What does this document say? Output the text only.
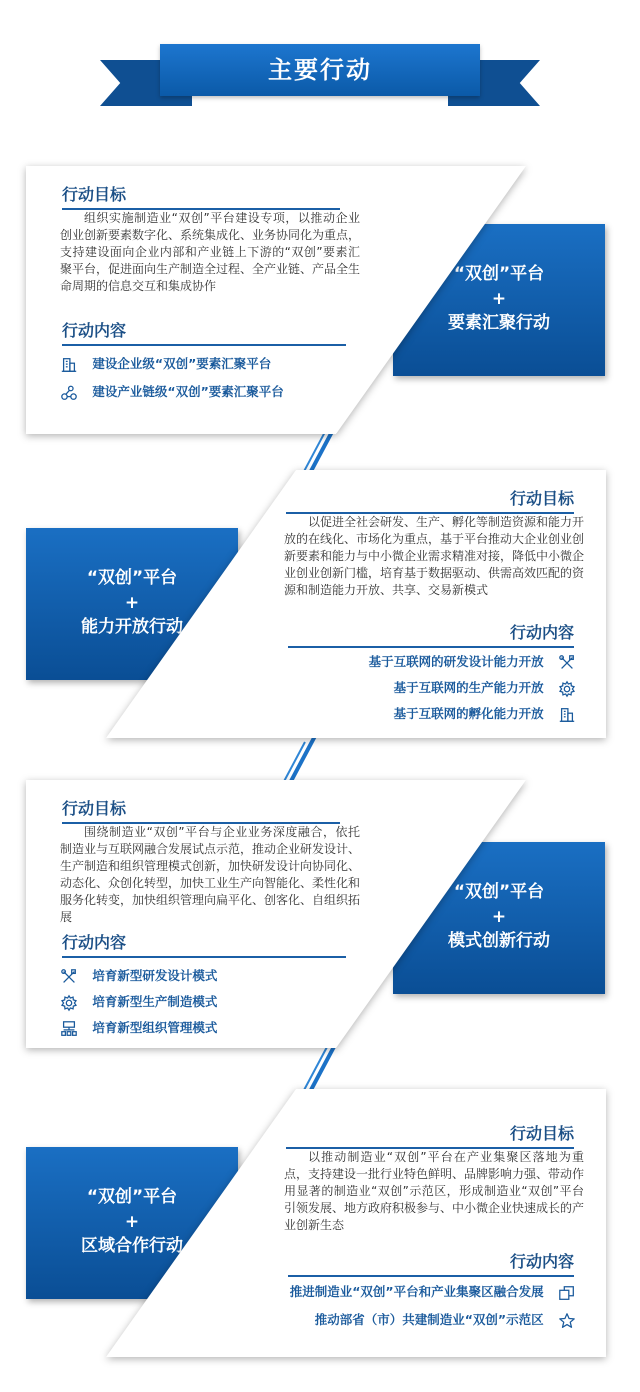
主要行动
“双创”平台
+
要素汇聚行动
行动目标
组织实施制造业“双创”平台建设专项，以推动企业创业创新要素数字化、系统集成化、业务协同化为重点，支持建设面向企业内部和产业链上下游的“双创”要素汇聚平台，促进面向生产制造全过程、全产业链、产品全生命周期的信息交互和集成协作
行动内容
建设企业级“双创”要素汇聚平台
建设产业链级“双创”要素汇聚平台
“双创”平台
+
能力开放行动
行动目标
以促进全社会研发、生产、孵化等制造资源和能力开放的在线化、市场化为重点，基于平台推动大企业创业创新要素和能力与中小微企业需求精准对接，降低中小微企业创业创新门槛，培育基于数据驱动、供需高效匹配的资源和制造能力开放、共享、交易新模式
行动内容
基于互联网的研发设计能力开放
基于互联网的生产能力开放
基于互联网的孵化能力开放
“双创”平台
+
模式创新行动
行动目标
围绕制造业“双创”平台与企业业务深度融合，依托制造业与互联网融合发展试点示范，推动企业研发设计、生产制造和组织管理模式创新，加快研发设计向协同化、动态化、众创化转型，加快工业生产向智能化、柔性化和服务化转变，加快组织管理向扁平化、创客化、自组织拓展
行动内容
培育新型研发设计模式
培育新型生产制造模式
培育新型组织管理模式
“双创”平台
+
区域合作行动
行动目标
以推动制造业“双创”平台在产业集聚区落地为重点，支持建设一批行业特色鲜明、品牌影响力强、带动作用显著的制造业“双创”示范区，形成制造业“双创”平台引领发展、地方政府积极参与、中小微企业快速成长的产业创新生态
行动内容
推进制造业“双创”平台和产业集聚区融合发展
推动部省（市）共建制造业“双创”示范区
